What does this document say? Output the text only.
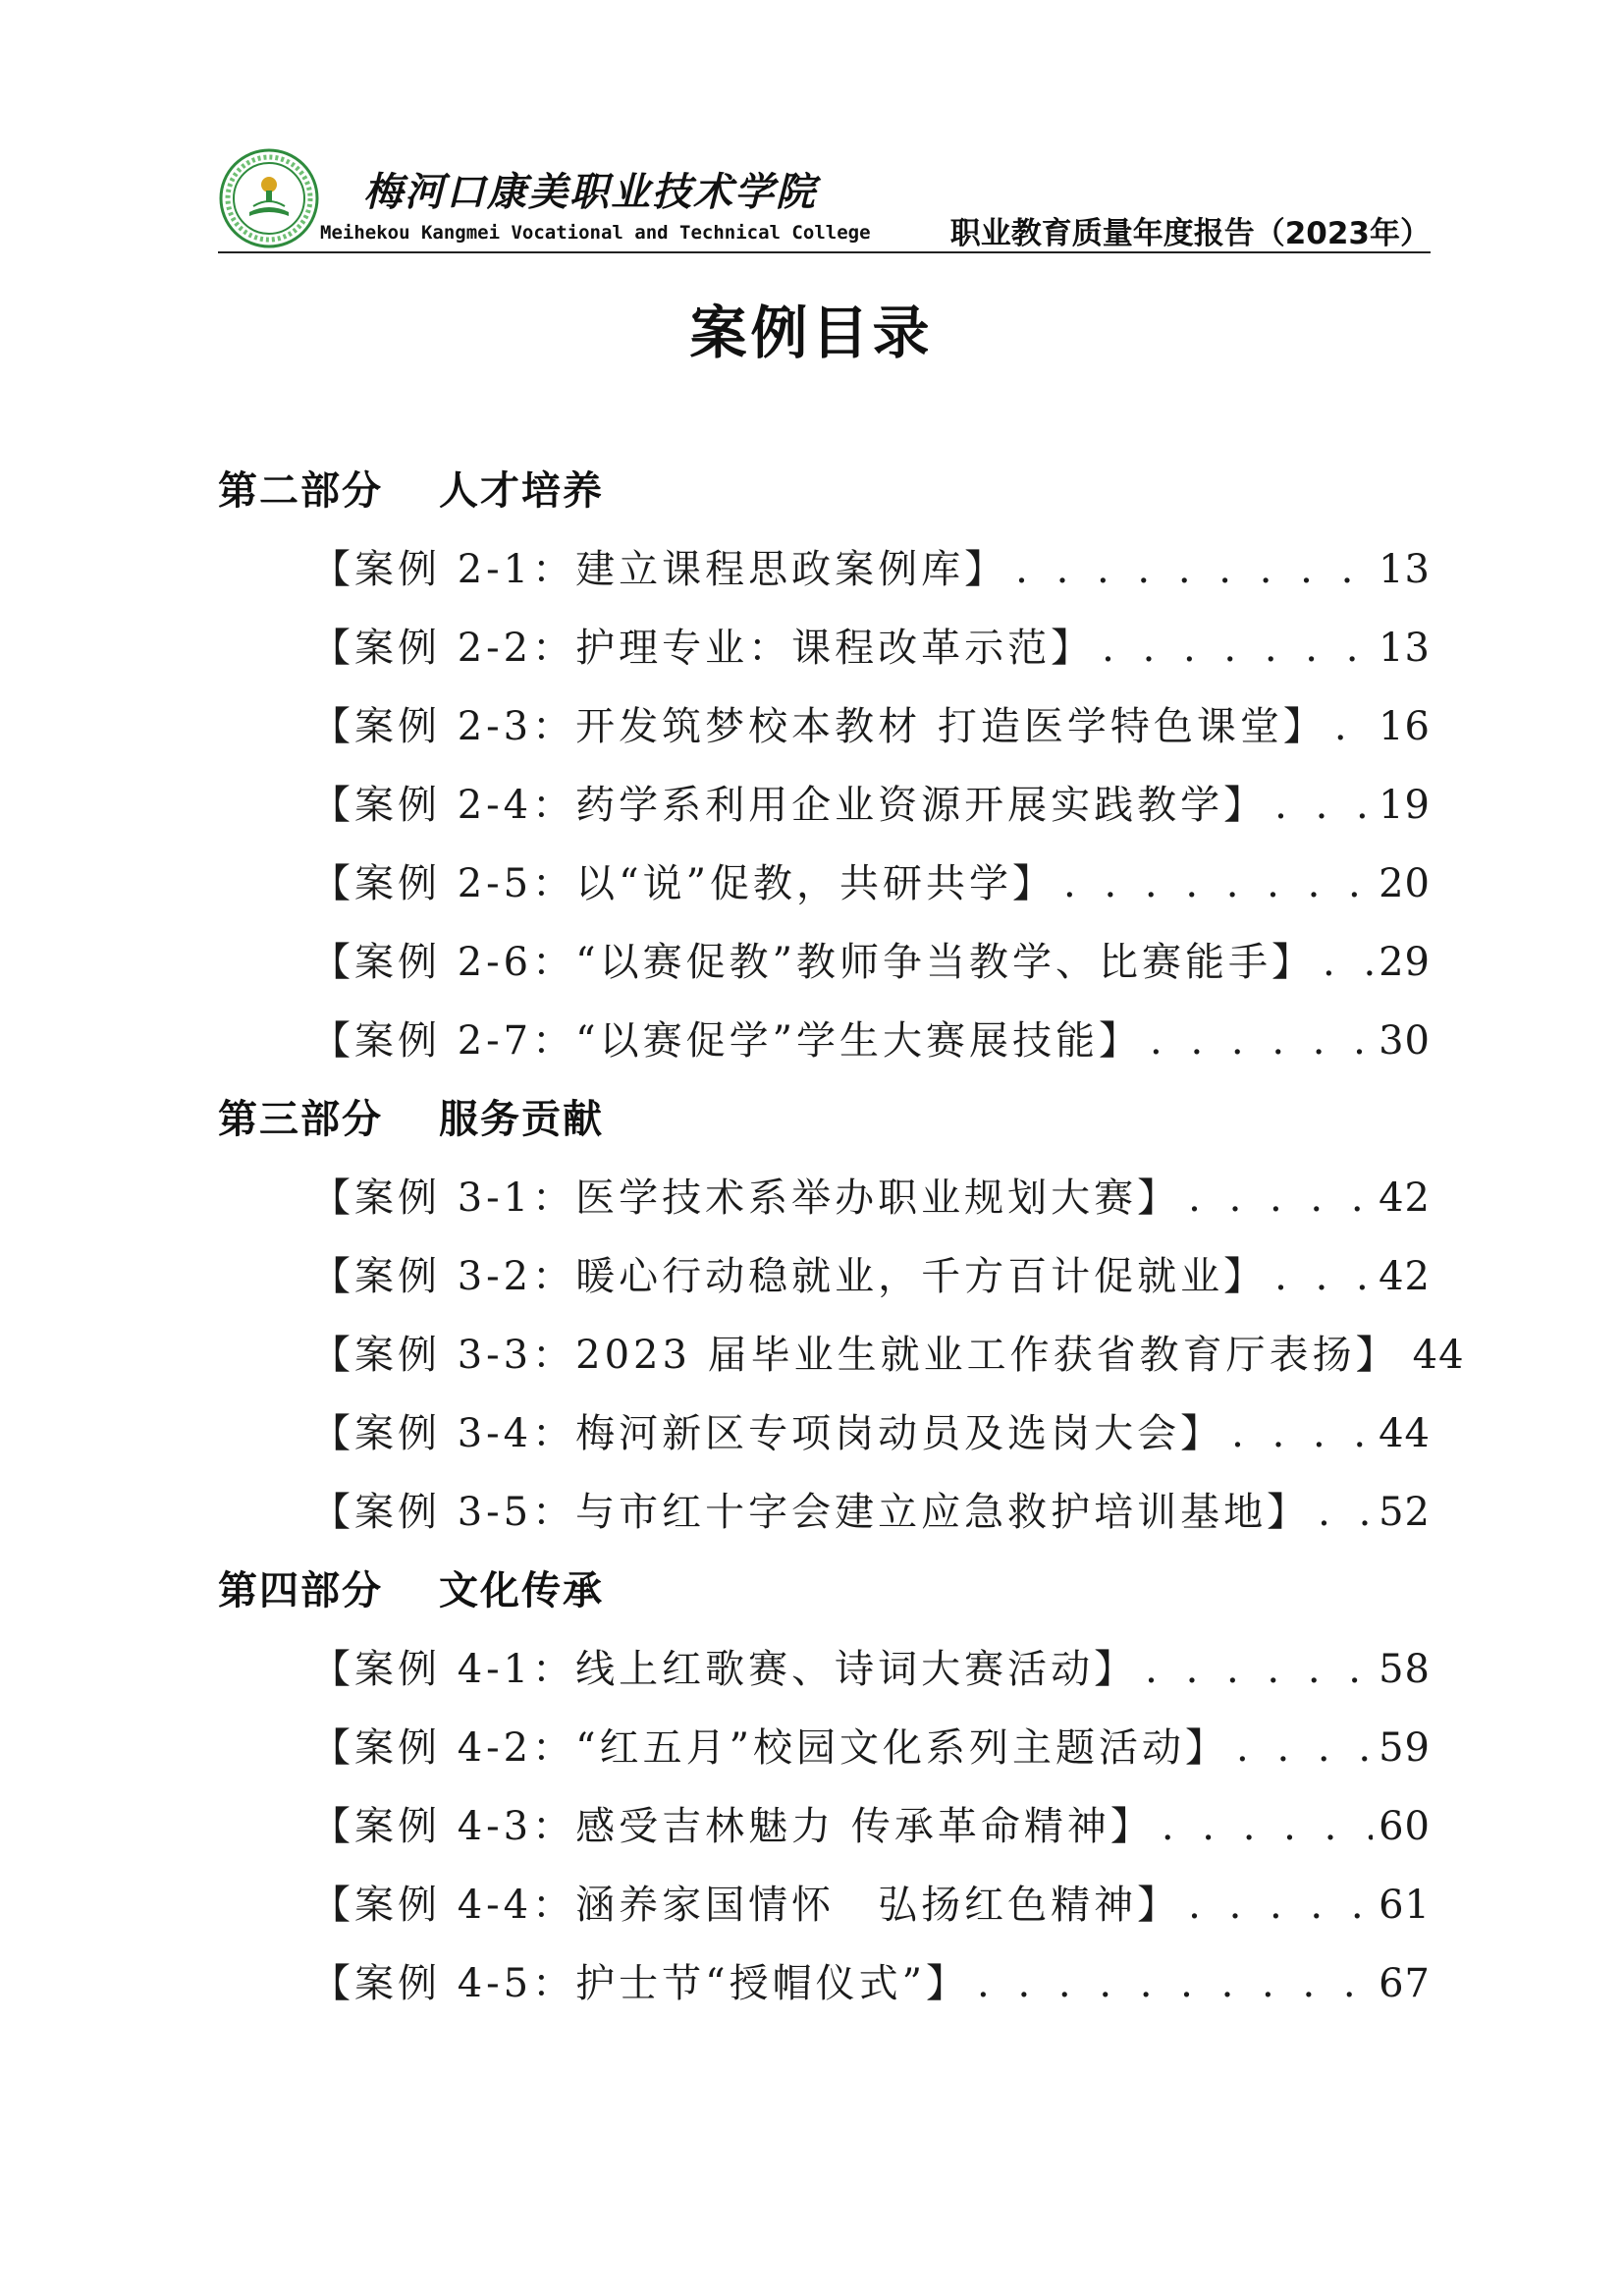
梅河口康美职业技术学院
Meihekou Kangmei Vocational and Technical College	职业教育质量年度报告（2023年）
案例目录
第二部分 人才培养
【案例 2-1：建立课程思政案例库】 . . .	13
【案例 2-2：护理专业：课程改革示范】 . . .	13
【案例 2-3：开发筑梦校本教材 打造医学特色课堂】 . . . 16
【案例 2-4：药学系利用企业资源开展实践教学】 . . .	19
【案例 2-5：以“说”促教，共研共学】 . . .	20
【案例 2-6：“以赛促教”教师争当教学、比赛能手】 . . . 29
【案例 2-7：“以赛促学”学生大赛展技能】 . . .	30
第三部分 服务贡献
【案例 3-1：医学技术系举办职业规划大赛】 . . .	42
【案例 3-2：暖心行动稳就业，千方百计促就业】 . . .	42
【案例 3-3：2023 届毕业生就业工作获省教育厅表扬】 . . . 44
【案例 3-4：梅河新区专项岗动员及选岗大会】 . . .	44
【案例 3-5：与市红十字会建立应急救护培训基地】 . . . 52
第四部分 文化传承
【案例 4-1：线上红歌赛、诗词大赛活动】 . . .	58
【案例 4-2：“红五月”校园文化系列主题活动】 . . .	59
【案例 4-3：感受吉林魅力 传承革命精神】 . . .	60
【案例 4-4：涵养家国情怀　弘扬红色精神】 . . .	61
【案例 4-5：护士节“授帽仪式”】 . . .	67
